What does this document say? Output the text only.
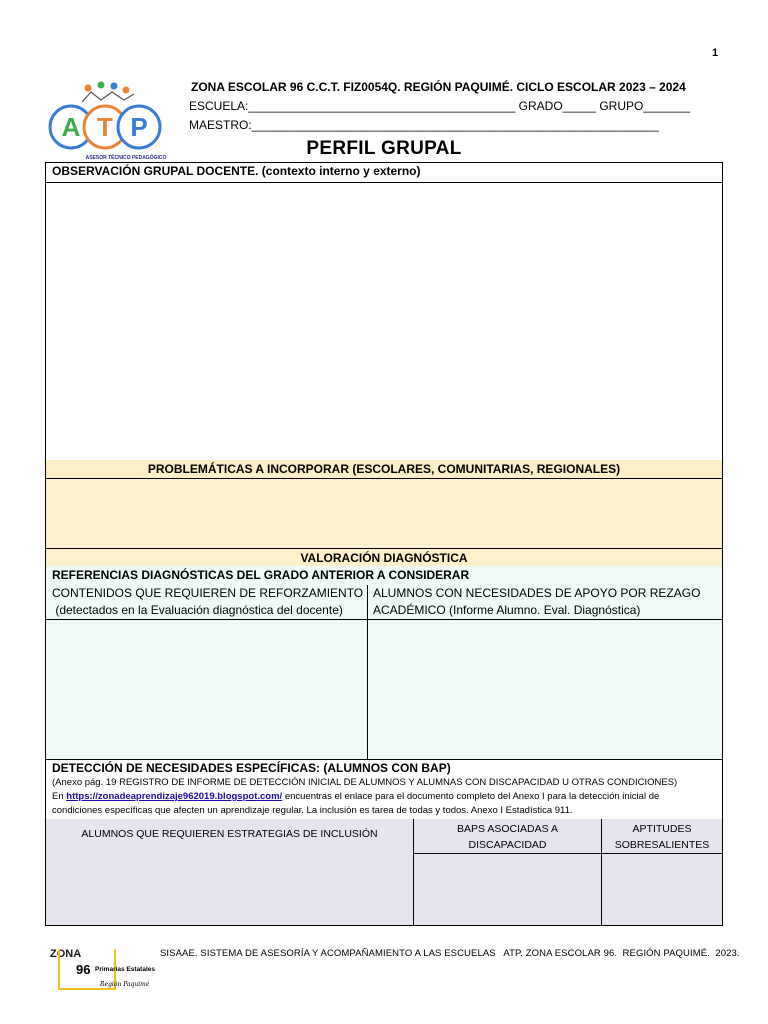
1
A T P
ASESOR TÉCNICO PEDAGÓGICO
ZONA ESCOLAR 96 C.C.T. FIZ0054Q. REGIÓN PAQUIMÉ. CICLO ESCOLAR 2023 – 2024
ESCUELA:________________________________________ GRADO_____ GRUPO_______
MAESTRO:_____________________________________________________________
PERFIL GRUPAL
OBSERVACIÓN GRUPAL DOCENTE. (contexto interno y externo)
PROBLEMÁTICAS A INCORPORAR (ESCOLARES, COMUNITARIAS, REGIONALES)
VALORACIÓN DIAGNÓSTICA
REFERENCIAS DIAGNÓSTICAS DEL GRADO ANTERIOR A CONSIDERAR
CONTENIDOS QUE REQUIEREN DE REFORZAMIENTO
(detectados en la Evaluación diagnóstica del docente)
ALUMNOS CON NECESIDADES DE APOYO POR REZAGO
ACADÉMICO (Informe Alumno. Eval. Diagnóstica)
DETECCIÓN DE NECESIDADES ESPECÍFICAS: (ALUMNOS CON BAP)
(Anexo pág. 19 REGISTRO DE INFORME DE DETECCIÓN INICIAL DE ALUMNOS Y ALUMNAS CON DISCAPACIDAD U OTRAS CONDICIONES)
En https://zonadeaprendizaje962019.blogspot.com/ encuentras el enlace para el documento completo del Anexo I para la detección inicial de
condiciones específicas que afecten un aprendizaje regular. La inclusión es tarea de todas y todos. Anexo I Estadística 911.
ALUMNOS QUE REQUIEREN ESTRATEGIAS DE INCLUSIÓN	BAPS ASOCIADAS A
DISCAPACIDAD
APTITUDES
SOBRESALIENTES
ZONA
96 Primarias Estatales
Región Paquimé
SISAAE. SISTEMA DE ASESORÍA Y ACOMPAÑAMIENTO A LAS ESCUELAS   ATP. ZONA ESCOLAR 96.  REGIÓN PAQUIMÉ.  2023.
